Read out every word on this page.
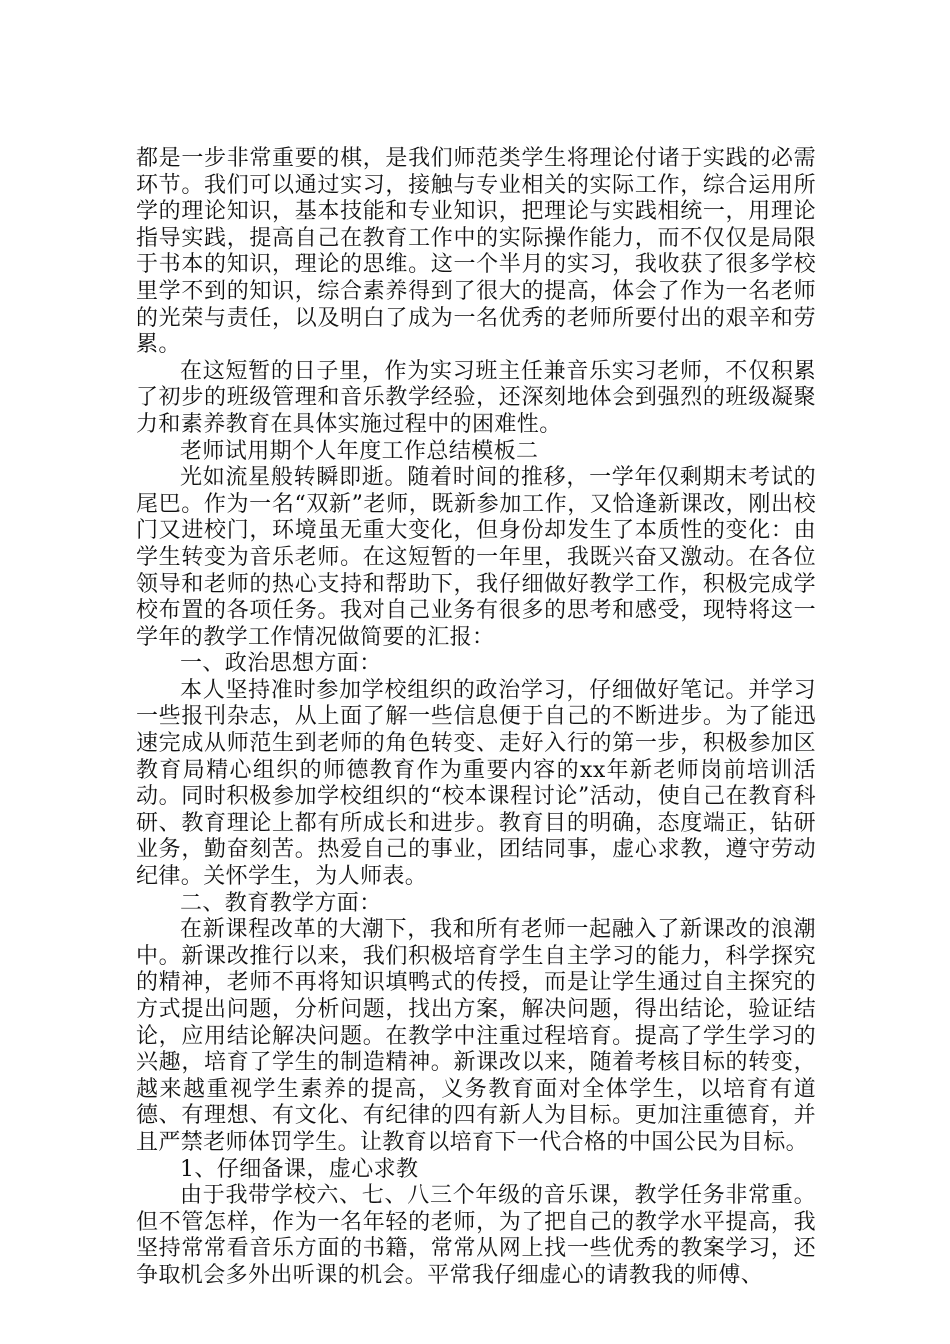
都是一步非常重要的棋，是我们师范类学生将理论付诸于实践的必需环节。我们可以通过实习，接触与专业相关的实际工作，综合运用所学的理论知识，基本技能和专业知识，把理论与实践相统一，用理论指导实践，提高自己在教育工作中的实际操作能力，而不仅仅是局限于书本的知识，理论的思维。这一个半月的实习，我收获了很多学校里学不到的知识，综合素养得到了很大的提高，体会了作为一名老师的光荣与责任，以及明白了成为一名优秀的老师所要付出的艰辛和劳累。

在这短暂的日子里，作为实习班主任兼音乐实习老师，不仅积累了初步的班级管理和音乐教学经验，还深刻地体会到强烈的班级凝聚力和素养教育在具体实施过程中的困难性。

老师试用期个人年度工作总结模板二

光如流星般转瞬即逝。随着时间的推移，一学年仅剩期末考试的尾巴。作为一名“双新”老师，既新参加工作，又恰逢新课改，刚出校门又进校门，环境虽无重大变化，但身份却发生了本质性的变化：由学生转变为音乐老师。在这短暂的一年里，我既兴奋又激动。在各位领导和老师的热心支持和帮助下，我仔细做好教学工作，积极完成学校布置的各项任务。我对自己业务有很多的思考和感受，现特将这一学年的教学工作情况做简要的汇报：

一、政治思想方面：

本人坚持准时参加学校组织的政治学习，仔细做好笔记。并学习一些报刊杂志，从上面了解一些信息便于自己的不断进步。为了能迅速完成从师范生到老师的角色转变、走好入行的第一步，积极参加区教育局精心组织的师德教育作为重要内容的xx年新老师岗前培训活动。同时积极参加学校组织的“校本课程讨论”活动，使自己在教育科研、教育理论上都有所成长和进步。教育目的明确，态度端正，钻研业务，勤奋刻苦。热爱自己的事业，团结同事，虚心求教，遵守劳动纪律。关怀学生，为人师表。

二、教育教学方面：

在新课程改革的大潮下，我和所有老师一起融入了新课改的浪潮中。新课改推行以来，我们积极培育学生自主学习的能力，科学探究的精神，老师不再将知识填鸭式的传授，而是让学生通过自主探究的方式提出问题，分析问题，找出方案，解决问题，得出结论，验证结论，应用结论解决问题。在教学中注重过程培育。提高了学生学习的兴趣，培育了学生的制造精神。新课改以来，随着考核目标的转变，越来越重视学生素养的提高，义务教育面对全体学生，以培育有道德、有理想、有文化、有纪律的四有新人为目标。更加注重德育，并且严禁老师体罚学生。让教育以培育下一代合格的中国公民为目标。

1、仔细备课，虚心求教

由于我带学校六、七、八三个年级的音乐课，教学任务非常重。但不管怎样，作为一名年轻的老师，为了把自己的教学水平提高，我坚持常常看音乐方面的书籍，常常从网上找一些优秀的教案学习，还争取机会多外出听课的机会。平常我仔细虚心的请教我的师傅、
